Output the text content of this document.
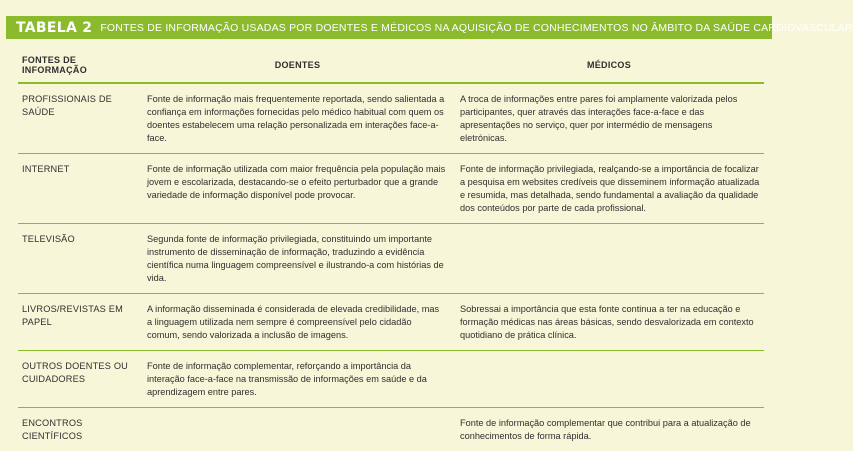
TABELA 2 FONTES DE INFORMAÇÃO USADAS POR DOENTES E MÉDICOS NA AQUISIÇÃO DE CONHECIMENTOS NO ÂMBITO DA SAÚDE CARDIOVASCULAR
FONTES DE INFORMAÇÃO	DOENTES	MÉDICOS
PROFISSIONAIS DE SAÚDE	Fonte de informação mais frequentemente reportada, sendo salientada a confiança em informações fornecidas pelo médico habitual com quem os doentes estabelecem uma relação personalizada em interações face-a-face.	A troca de informações entre pares foi amplamente valorizada pelos participantes, quer através das interações face-a-face e das apresentações no serviço, quer por intermédio de mensagens eletrónicas.
INTERNET	Fonte de informação utilizada com maior frequência pela população mais jovem e escolarizada, destacando-se o efeito perturbador que a grande variedade de informação disponível pode provocar.	Fonte de informação privilegiada, realçando-se a importância de focalizar a pesquisa em websites credíveis que disseminem informação atualizada e resumida, mas detalhada, sendo fundamental a avaliação da qualidade dos conteúdos por parte de cada profissional.
TELEVISÃO	Segunda fonte de informação privilegiada, constituindo um importante instrumento de disseminação de informação, traduzindo a evidência científica numa linguagem compreensível e ilustrando-a com histórias de vida.	
LIVROS/REVISTAS EM PAPEL	A informação disseminada é considerada de elevada credibilidade, mas a linguagem utilizada nem sempre é compreensível pelo cidadão comum, sendo valorizada a inclusão de imagens.	Sobressai a importância que esta fonte continua a ter na educação e formação médicas nas áreas básicas, sendo desvalorizada em contexto quotidiano de prática clínica.
OUTROS DOENTES OU CUIDADORES	Fonte de informação complementar, reforçando a importância da interação face-a-face na transmissão de informações em saúde e da aprendizagem entre pares.	
ENCONTROS CIENTÍFICOS		Fonte de informação complementar que contribui para a atualização de conhecimentos de forma rápida.
